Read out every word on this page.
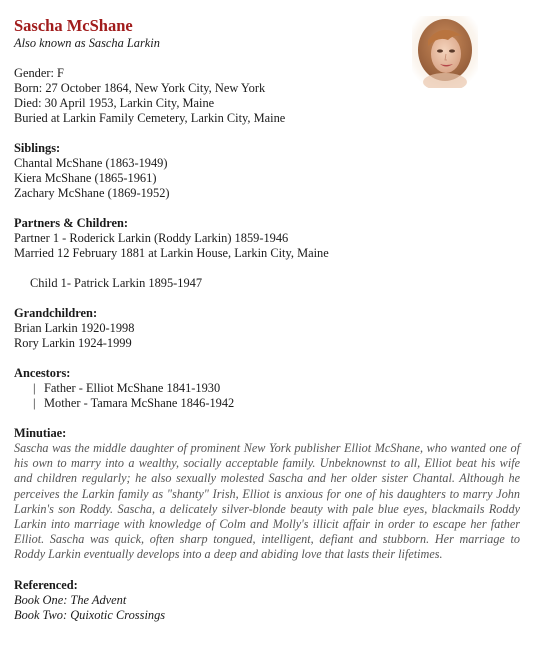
Sascha McShane

Also known as Sascha Larkin

Gender: F

Born: 27 October 1864, New York City, New York

Died: 30 April 1953, Larkin City, Maine

Buried at Larkin Family Cemetery, Larkin City, Maine

Siblings:

Chantal McShane (1863-1949)

Kiera McShane (1865-1961)

Zachary McShane (1869-1952)

Partners & Children:

Partner 1 - Roderick Larkin (Roddy Larkin) 1859-1946

Married 12 February 1881 at Larkin House, Larkin City, Maine

Child 1- Patrick Larkin 1895-1947

Grandchildren:

Brian Larkin 1920-1998

Rory Larkin 1924-1999

Ancestors:

| Father - Elliot McShane 1841-1930

| Mother - Tamara McShane 1846-1942

Minutiae:

Sascha was the middle daughter of prominent New York publisher Elliot McShane, who wanted one of his own to marry into a wealthy, socially acceptable family. Unbeknownst to all, Elliot beat his wife and children regularly; he also sexually molested Sascha and her older sister Chantal. Although he perceives the Larkin family as "shanty" Irish, Elliot is anxious for one of his daughters to marry John Larkin's son Roddy. Sascha, a delicately silver-blonde beauty with pale blue eyes, blackmails Roddy Larkin into marriage with knowledge of Colm and Molly's illicit affair in order to escape her father Elliot. Sascha was quick, often sharp tongued, intelligent, defiant and stubborn. Her marriage to Roddy Larkin eventually develops into a deep and abiding love that lasts their lifetimes.

Referenced:

Book One: The Advent

Book Two: Quixotic Crossings
